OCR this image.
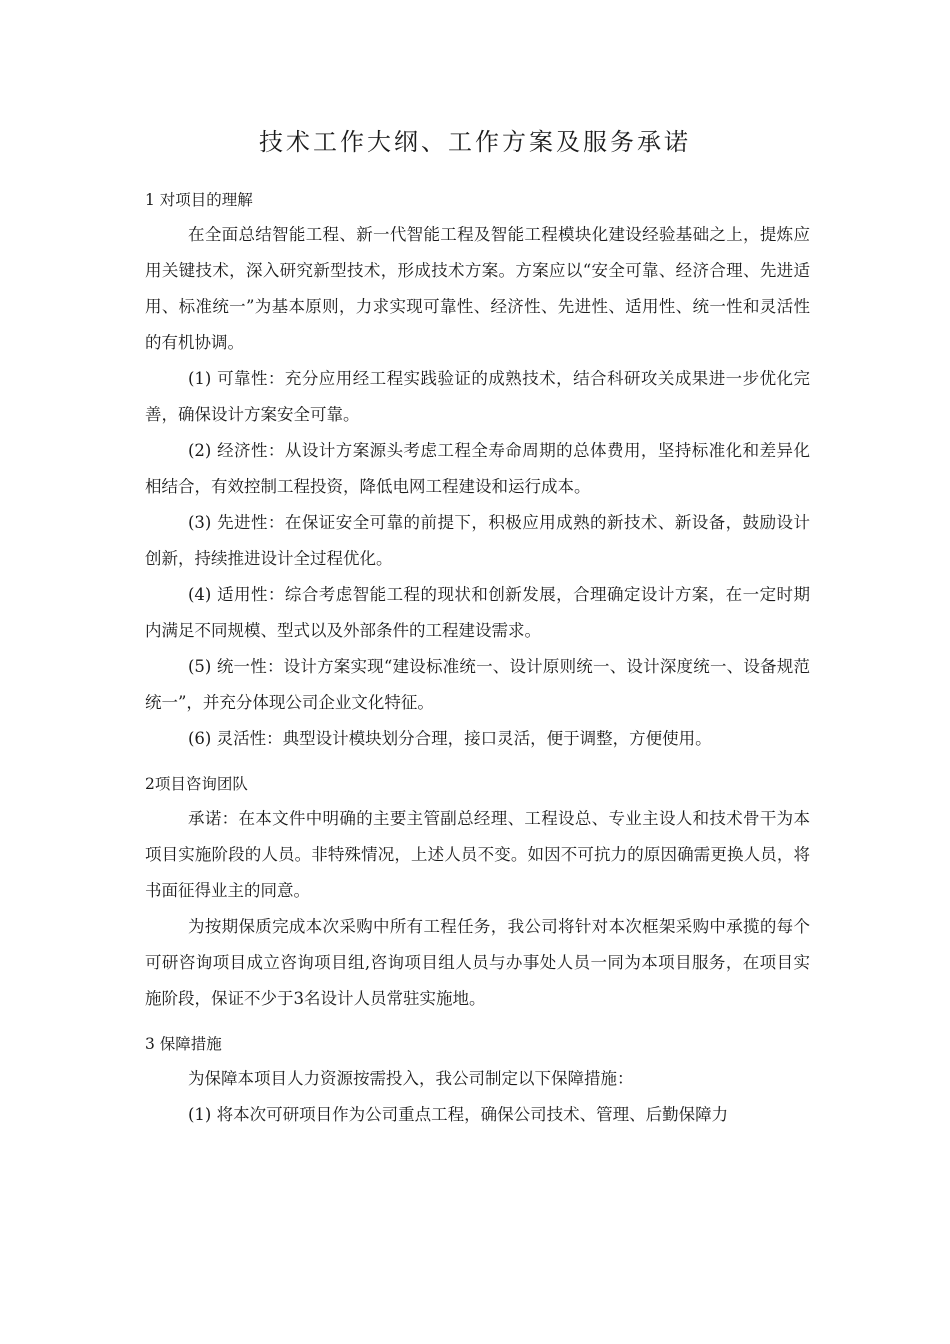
技术工作大纲、工作方案及服务承诺

1 对项目的理解

在全面总结智能工程、新一代智能工程及智能工程模块化建设经验基础之上，提炼应用关键技术，深入研究新型技术，形成技术方案。方案应以“安全可靠、经济合理、先进适用、标准统一”为基本原则，力求实现可靠性、经济性、先进性、适用性、统一性和灵活性的有机协调。

(1) 可靠性：充分应用经工程实践验证的成熟技术，结合科研攻关成果进一步优化完善，确保设计方案安全可靠。

(2) 经济性：从设计方案源头考虑工程全寿命周期的总体费用，坚持标准化和差异化相结合，有效控制工程投资，降低电网工程建设和运行成本。

(3) 先进性：在保证安全可靠的前提下，积极应用成熟的新技术、新设备，鼓励设计创新，持续推进设计全过程优化。

(4) 适用性：综合考虑智能工程的现状和创新发展，合理确定设计方案，在一定时期内满足不同规模、型式以及外部条件的工程建设需求。

(5) 统一性：设计方案实现“建设标准统一、设计原则统一、设计深度统一、设备规范统一”，并充分体现公司企业文化特征。

(6) 灵活性：典型设计模块划分合理，接口灵活，便于调整，方便使用。

2项目咨询团队

承诺：在本文件中明确的主要主管副总经理、工程设总、专业主设人和技术骨干为本项目实施阶段的人员。非特殊情况，上述人员不变。如因不可抗力的原因确需更换人员，将书面征得业主的同意。

为按期保质完成本次采购中所有工程任务，我公司将针对本次框架采购中承揽的每个可研咨询项目成立咨询项目组,咨询项目组人员与办事处人员一同为本项目服务，在项目实施阶段，保证不少于3名设计人员常驻实施地。

3 保障措施

为保障本项目人力资源按需投入，我公司制定以下保障措施：

(1) 将本次可研项目作为公司重点工程，确保公司技术、管理、后勤保障力
